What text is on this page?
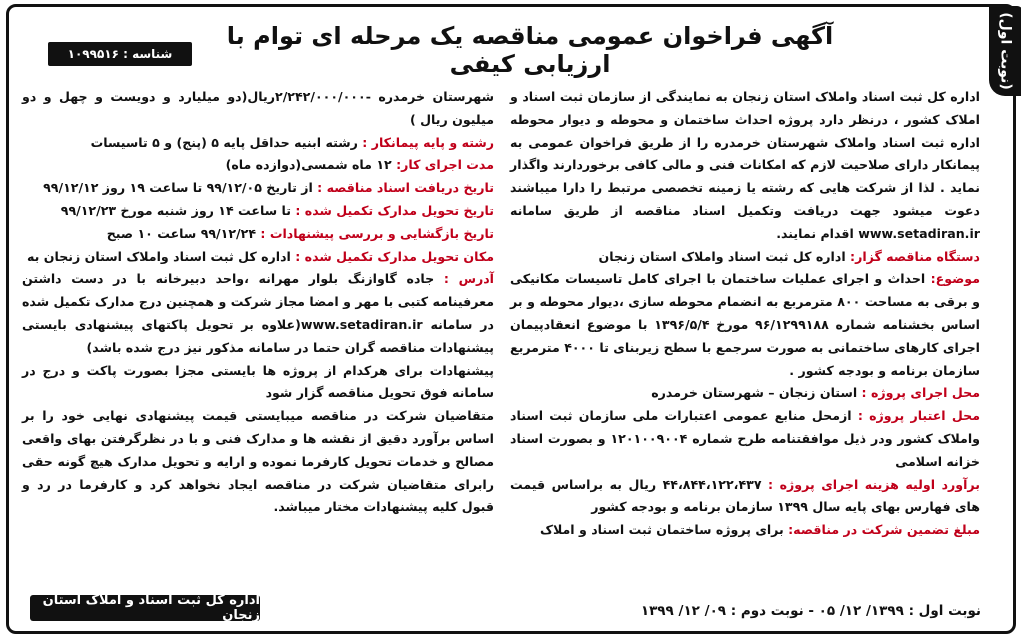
(نوبت اول)
آگهی فراخوان عمومی مناقصه یک مرحله ای توام با ارزیابی کیفی
شناسه : ۱۰۹۹۵۱۶

اداره کل ثبت اسناد واملاک استان زنجان به نمایندگی از سازمان ثبت اسناد و املاک کشور ، درنظر دارد پروژه احداث ساختمان و محوطه و دیوار محوطه اداره ثبت اسناد واملاک شهرستان خرمدره را از طریق فراخوان عمومی به پیمانکار دارای صلاحیت لازم که امکانات فنی و مالی کافی برخوردارند واگذار نماید . لذا از شرکت هایی که رشته یا زمینه تخصصی مرتبط را دارا میباشند دعوت میشود جهت دریافت وتکمیل اسناد مناقصه از طریق سامانه www.setadiran.ir اقدام نمایند.

دستگاه مناقصه گزار: اداره کل ثبت اسناد واملاک استان زنجان

موضوع: احداث و اجرای عملیات ساختمان با اجرای کامل تاسیسات مکانیکی و برقی به مساحت ۸۰۰ مترمربع به انضمام محوطه سازی ،دیوار محوطه و بر اساس بخشنامه شماره ۹۶/۱۲۹۹۱۸۸ مورخ ۱۳۹۶/۵/۴ با موضوع انعقادپیمان اجرای کارهای ساختمانی به صورت سرجمع با سطح زیربنای تا ۴۰۰۰ مترمربع سازمان برنامه و بودجه کشور .

محل اجرای پروژه : استان زنجان – شهرستان خرمدره

محل اعتبار پروژه : ازمحل منابع عمومی اعتبارات ملی سازمان ثبت اسناد واملاک کشور ودر ذیل موافقتنامه طرح شماره ۱۲۰۱۰۰۹۰۰۴ و بصورت اسناد خزانه اسلامی

برآورد اولیه هزینه اجرای پروژه : ۴۴،۸۴۴،۱۲۲،۴۳۷ ریال به براساس قیمت های فهارس بهای پایه سال ۱۳۹۹ سازمان برنامه و بودجه کشور

مبلغ تضمین شرکت در مناقصه: برای پروژه ساختمان ثبت اسناد و املاک

شهرستان خرمدره -۲/۲۴۲/۰۰۰/۰۰۰ریال(دو میلیارد و دویست و چهل و دو میلیون ریال )

رشته و پایه پیمانکار : رشته ابنیه حداقل پایه ۵ (پنج) و ۵ تاسیسات

مدت اجرای کار: ۱۲ ماه شمسی(دوازده ماه)

تاریخ دریافت اسناد مناقصه : از تاریخ ۹۹/۱۲/۰۵ تا ساعت ۱۹ روز ۹۹/۱۲/۱۲

تاریخ تحویل مدارک تکمیل شده : تا ساعت ۱۴ روز شنبه مورخ ۹۹/۱۲/۲۳

تاریخ بازگشایی و بررسی پیشنهادات : ۹۹/۱۲/۲۴ ساعت ۱۰ صبح

مکان تحویل مدارک تکمیل شده : اداره کل ثبت اسناد واملاک استان زنجان به

آدرس : جاده گاوازنگ بلوار مهرانه ،واحد دبیرخانه با در دست داشتن معرفینامه کتبی با مهر و امضا مجاز شرکت و همچنین درج مدارک تکمیل شده در سامانه www.setadiran.ir(علاوه بر تحویل پاکتهای پیشنهادی بایستی پیشنهادات مناقصه گران حتما در سامانه مذکور نیز درج شده باشد)

پیشنهادات برای هرکدام از پروژه ها بایستی مجزا بصورت پاکت و درج در سامانه فوق تحویل مناقصه گزار شود

متقاضیان شرکت در مناقصه میبایستی قیمت پیشنهادی نهایی خود را بر اساس برآورد دقیق از نقشه ها و مدارک فنی و با در نظرگرفتن بهای واقعی مصالح و خدمات تحویل کارفرما نموده و ارایه و تحویل مدارک هیچ گونه حقی رابرای متقاضیان شرکت در مناقصه ایجاد نخواهد کرد و کارفرما در رد و قبول کلیه پیشنهادات مختار میباشد.

نوبت اول : ۱۳۹۹/ ۱۲/ ۰۵ - نوبت دوم : ۰۹/ ۱۲/ ۱۳۹۹
اداره کل ثبت اسناد و املاک استان زنجان
